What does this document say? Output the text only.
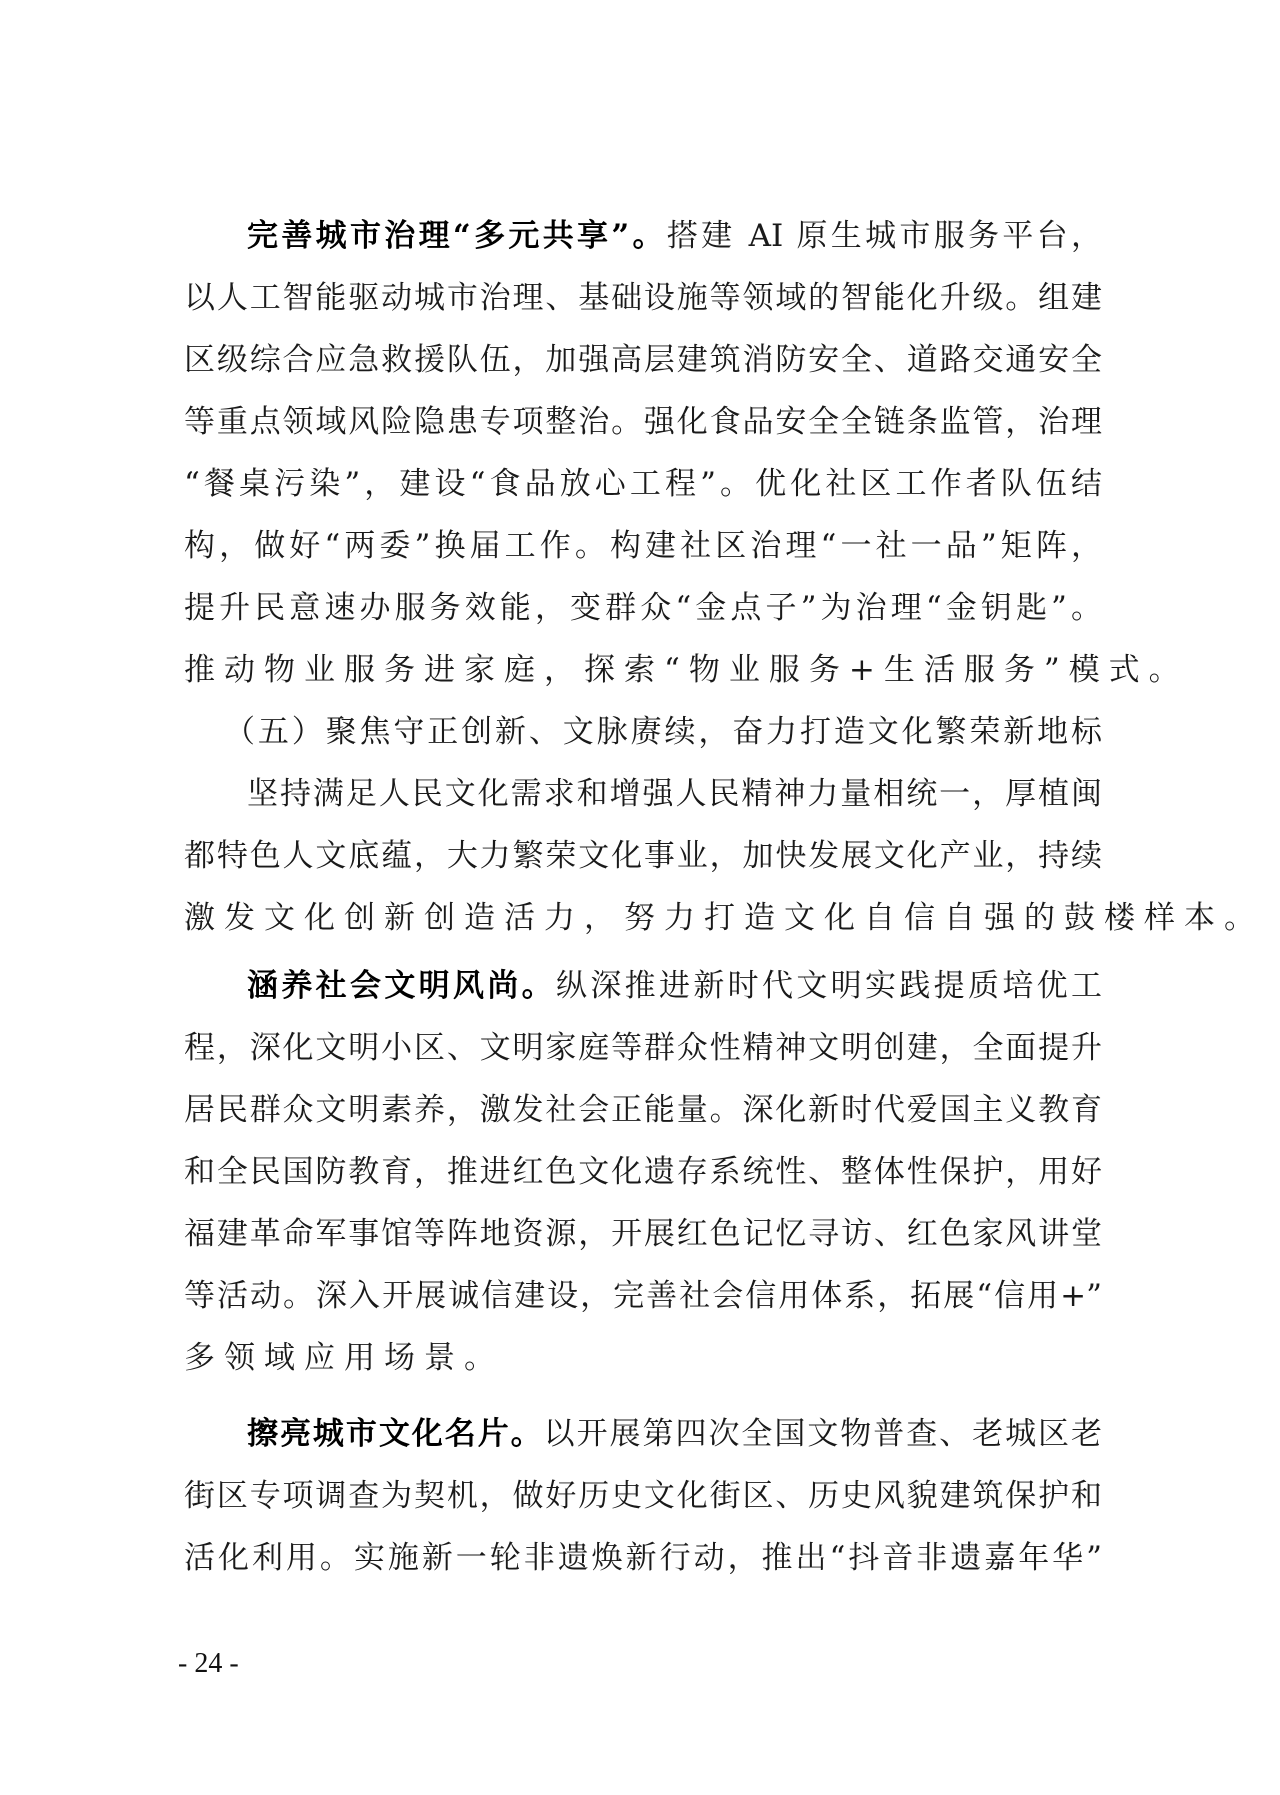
完善城市治理“多元共享”。搭建 AI 原生城市服务平台，
以人工智能驱动城市治理、基础设施等领域的智能化升级。组建
区级综合应急救援队伍，加强高层建筑消防安全、道路交通安全
等重点领域风险隐患专项整治。强化食品安全全链条监管，治理
“餐桌污染”，建设“食品放心工程”。优化社区工作者队伍结
构，做好“两委”换届工作。构建社区治理“一社一品”矩阵，
提升民意速办服务效能，变群众“金点子”为治理“金钥匙”。
推动物业服务进家庭，探索“物业服务+生活服务”模式。
（五）聚焦守正创新、文脉赓续，奋力打造文化繁荣新地标
坚持满足人民文化需求和增强人民精神力量相统一，厚植闽
都特色人文底蕴，大力繁荣文化事业，加快发展文化产业，持续
激发文化创新创造活力，努力打造文化自信自强的鼓楼样本。
涵养社会文明风尚。纵深推进新时代文明实践提质培优工
程，深化文明小区、文明家庭等群众性精神文明创建，全面提升
居民群众文明素养，激发社会正能量。深化新时代爱国主义教育
和全民国防教育，推进红色文化遗存系统性、整体性保护，用好
福建革命军事馆等阵地资源，开展红色记忆寻访、红色家风讲堂
等活动。深入开展诚信建设，完善社会信用体系，拓展“信用+”
多领域应用场景。
擦亮城市文化名片。以开展第四次全国文物普查、老城区老
街区专项调查为契机，做好历史文化街区、历史风貌建筑保护和
活化利用。实施新一轮非遗焕新行动，推出“抖音非遗嘉年华”
- 24 -
